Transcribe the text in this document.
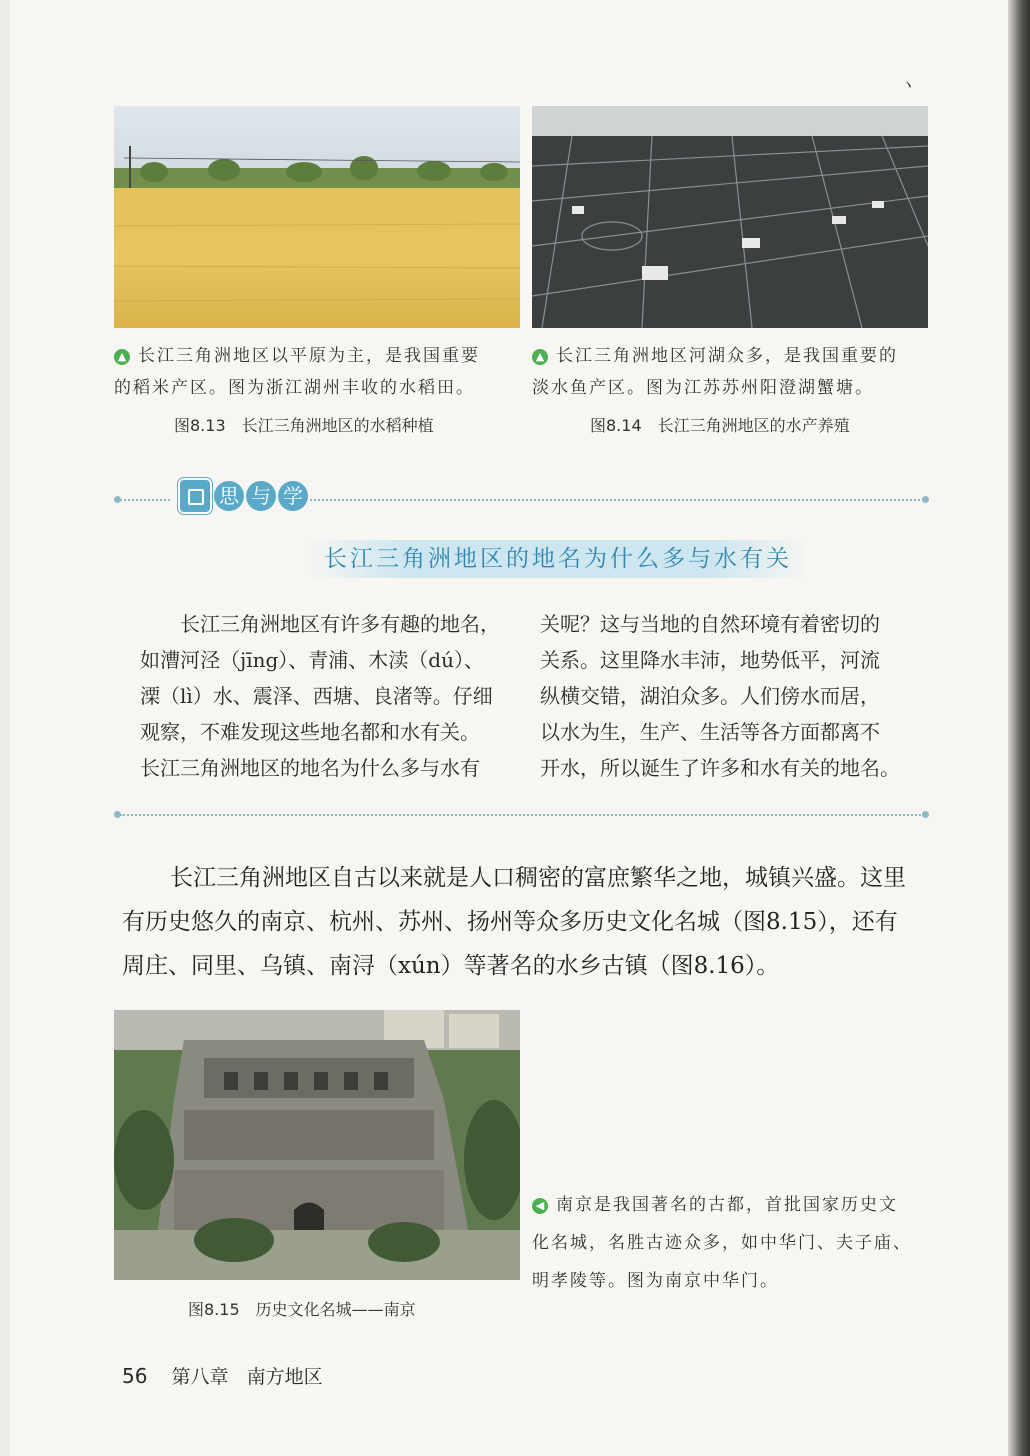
ヽ
▲ 长江三角洲地区以平原为主，是我国重要
的稻米产区。图为浙江湖州丰收的水稻田。
图8.13　长江三角洲地区的水稻种植
▲ 长江三角洲地区河湖众多，是我国重要的
淡水鱼产区。图为江苏苏州阳澄湖蟹塘。
图8.14　长江三角洲地区的水产养殖
思 与 学
长江三角洲地区的地名为什么多与水有关
　　长江三角洲地区有许多有趣的地名，
如漕河泾（jīng）、青浦、木渎（dú）、
溧（lì）水、震泽、西塘、良渚等。仔细
观察，不难发现这些地名都和水有关。
长江三角洲地区的地名为什么多与水有
关呢？这与当地的自然环境有着密切的
关系。这里降水丰沛，地势低平，河流
纵横交错，湖泊众多。人们傍水而居，
以水为生，生产、生活等各方面都离不
开水，所以诞生了许多和水有关的地名。
长江三角洲地区自古以来就是人口稠密的富庶繁华之地，城镇兴盛。这里
有历史悠久的南京、杭州、苏州、扬州等众多历史文化名城（图8.15），还有
周庄、同里、乌镇、南浔（xún）等著名的水乡古镇（图8.16）。
◀ 南京是我国著名的古都，首批国家历史文
化名城，名胜古迹众多，如中华门、夫子庙、
明孝陵等。图为南京中华门。
图8.15　历史文化名城——南京

56 第八章 南方地区
